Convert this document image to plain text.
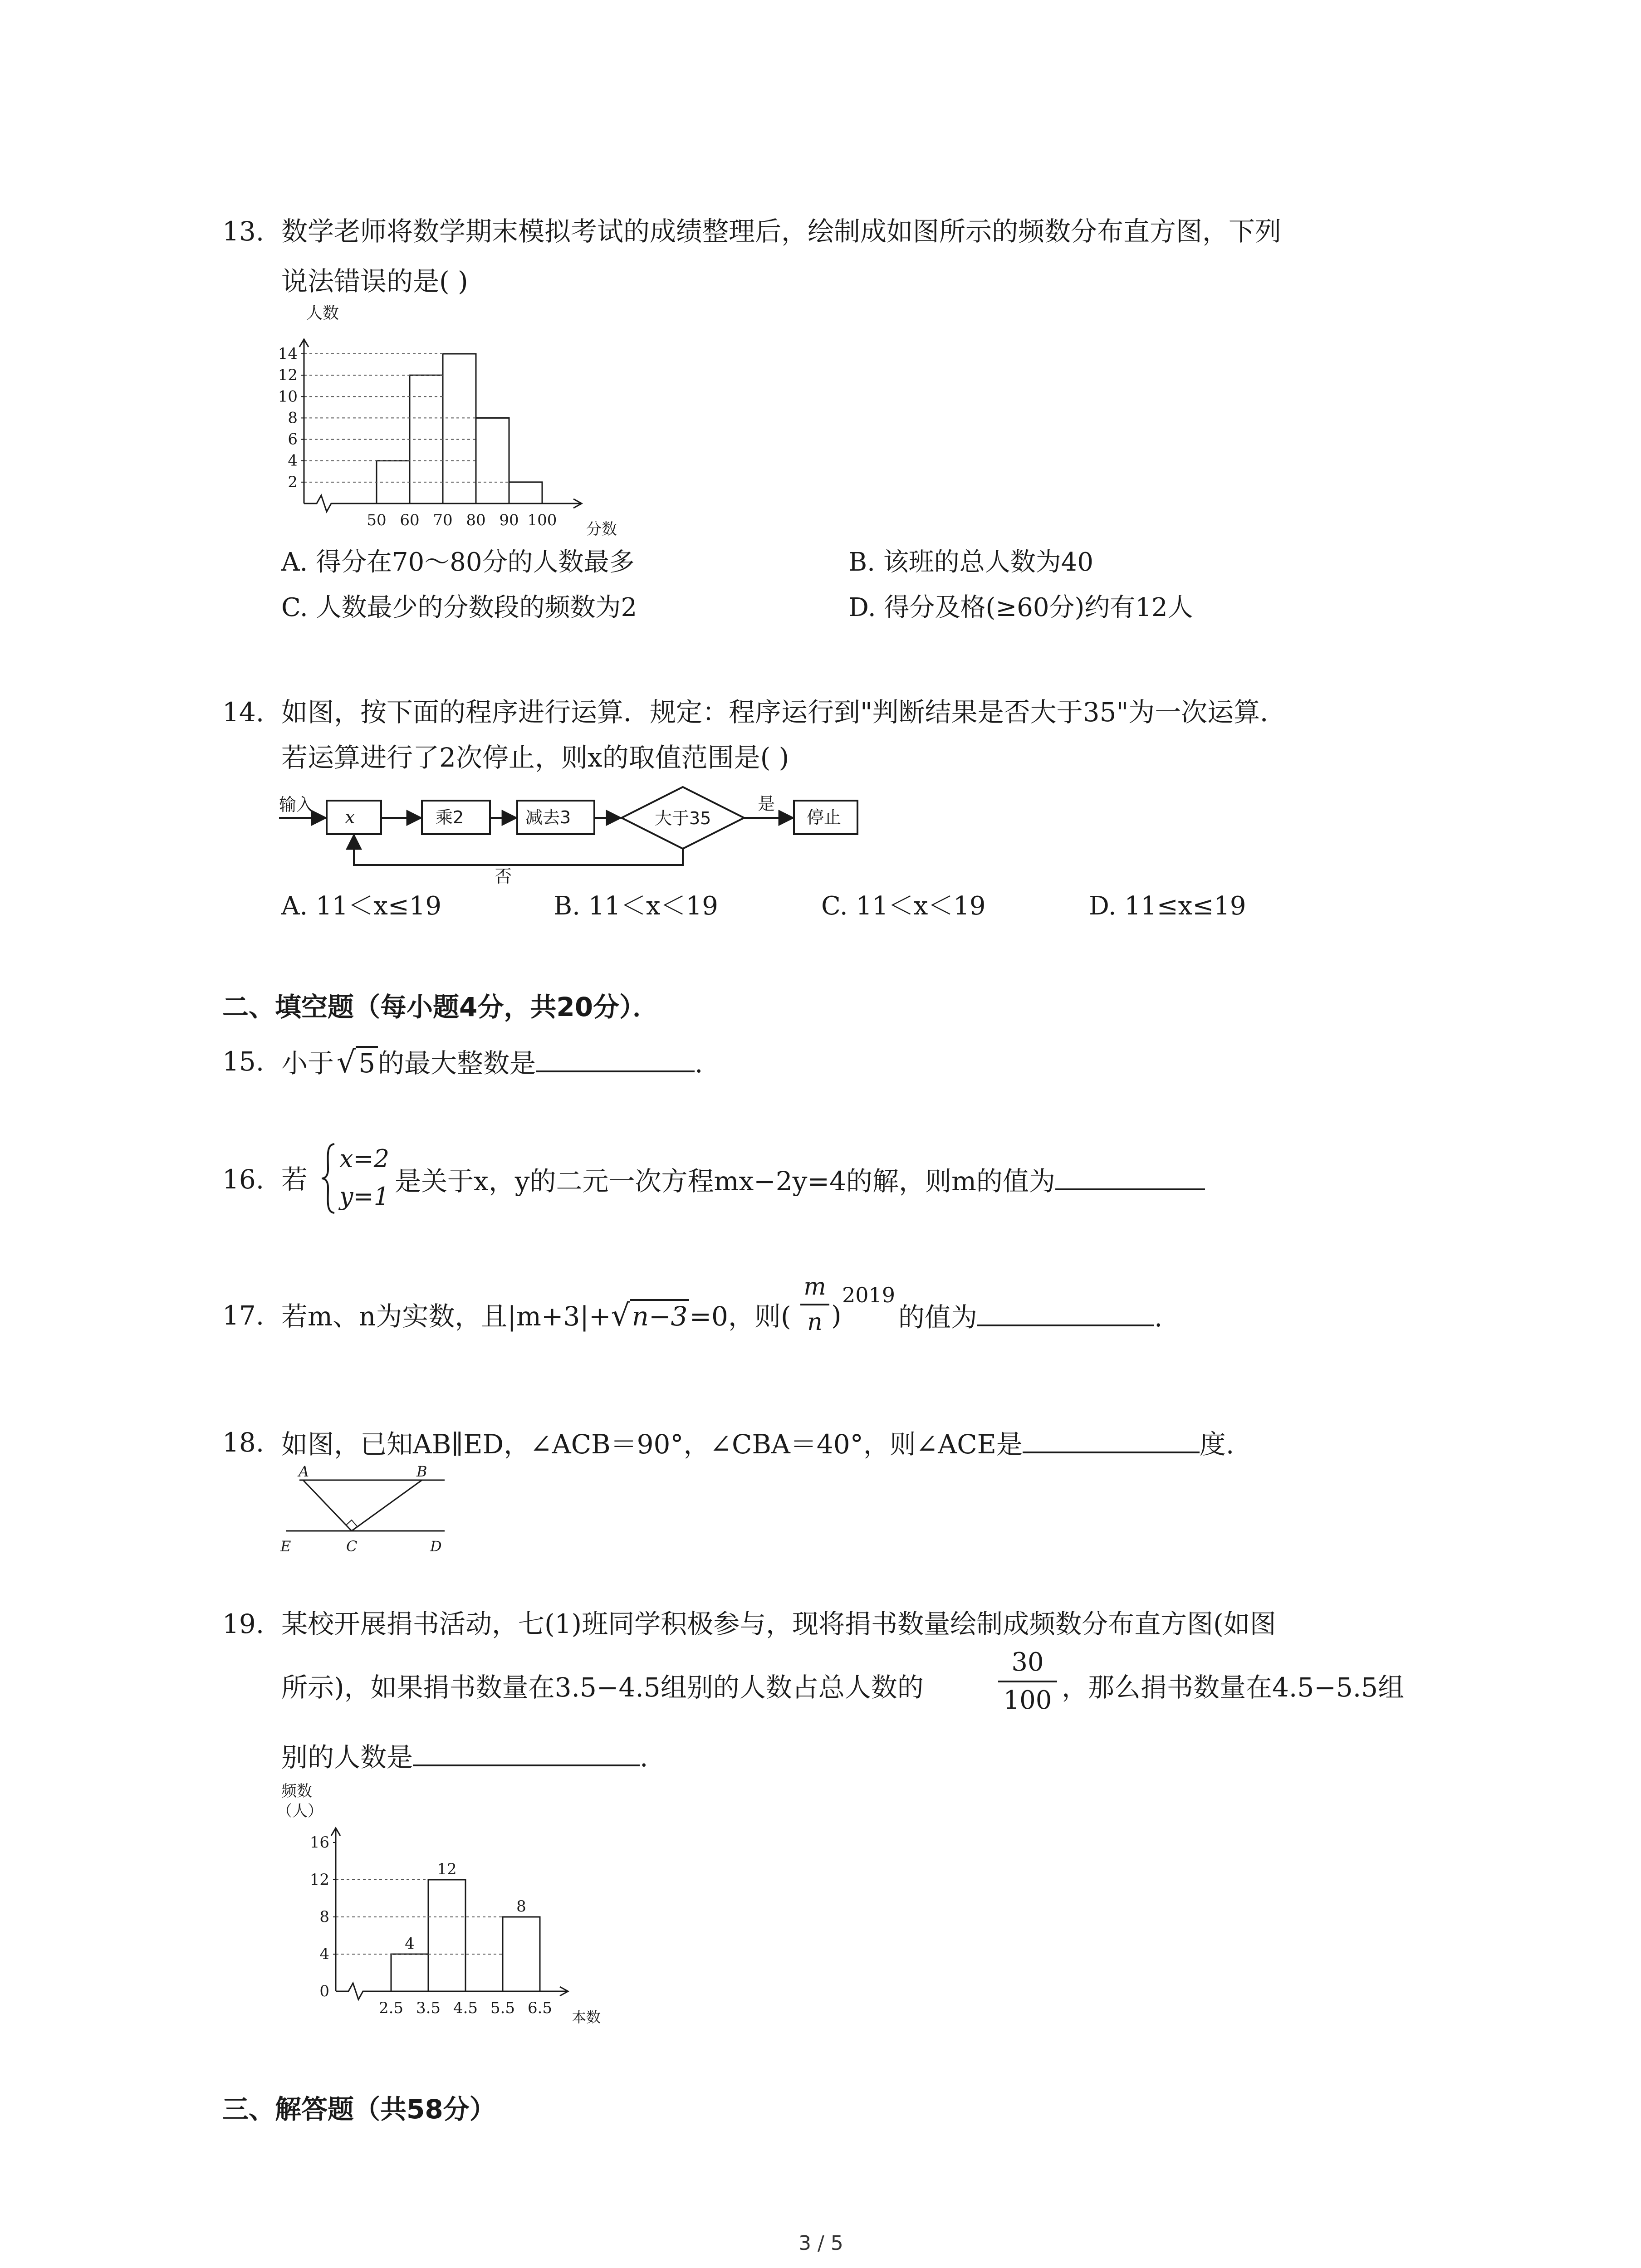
13. 数学老师将数学期末模拟考试的成绩整理后，绘制成如图所示的频数分布直方图，下列
说法错误的是( )
2
4
6
8
10
12
14
50 60 70 80 90 100
人数
分数
A. 得分在70～80分的人数最多	B. 该班的总人数为40
C. 人数最少的分数段的频数为2	D. 得分及格(≥60分)约有12人
14. 如图，按下面的程序进行运算．规定：程序运行到"判断结果是否大于35"为一次运算．
若运算进行了2次停止，则x的取值范围是( )
输入
x	乘2	减去3	大于35
是
停止
否
A. 11＜x≤19	B. 11＜x＜19	C. 11＜x＜19	D. 11≤x≤19
二、填空题（每小题4分，共20分）．
15. 小于√ 5 的最大整数是	.
16. 若
x=2
y=1 是关于x，y的二元一次方程mx−2y=4的解，则m的值为
17. 若m、n为实数，且|m+3|+√n−3=0，则( $\frac{m}{n}$ )
2019
的值为	.
18. 如图，已知AB∥ED，∠ACB＝90°，∠CBA＝40°，则∠ACE是	度.
A	B
E	C	D
19. 某校开展捐书活动，七(1)班同学积极参与，现将捐书数量绘制成频数分布直方图(如图
所示)，如果捐书数量在3.5−4.5组别的人数占总人数的	$\frac{30}{100}$ ，那么捐书数量在4.5−5.5组
别的人数是	.
0
4
8
12
16
2.5 3.5 4.5 5.5 6.5
4
12
8
频数
（人）
本数
三、解答题（共58分）
3 / 5
